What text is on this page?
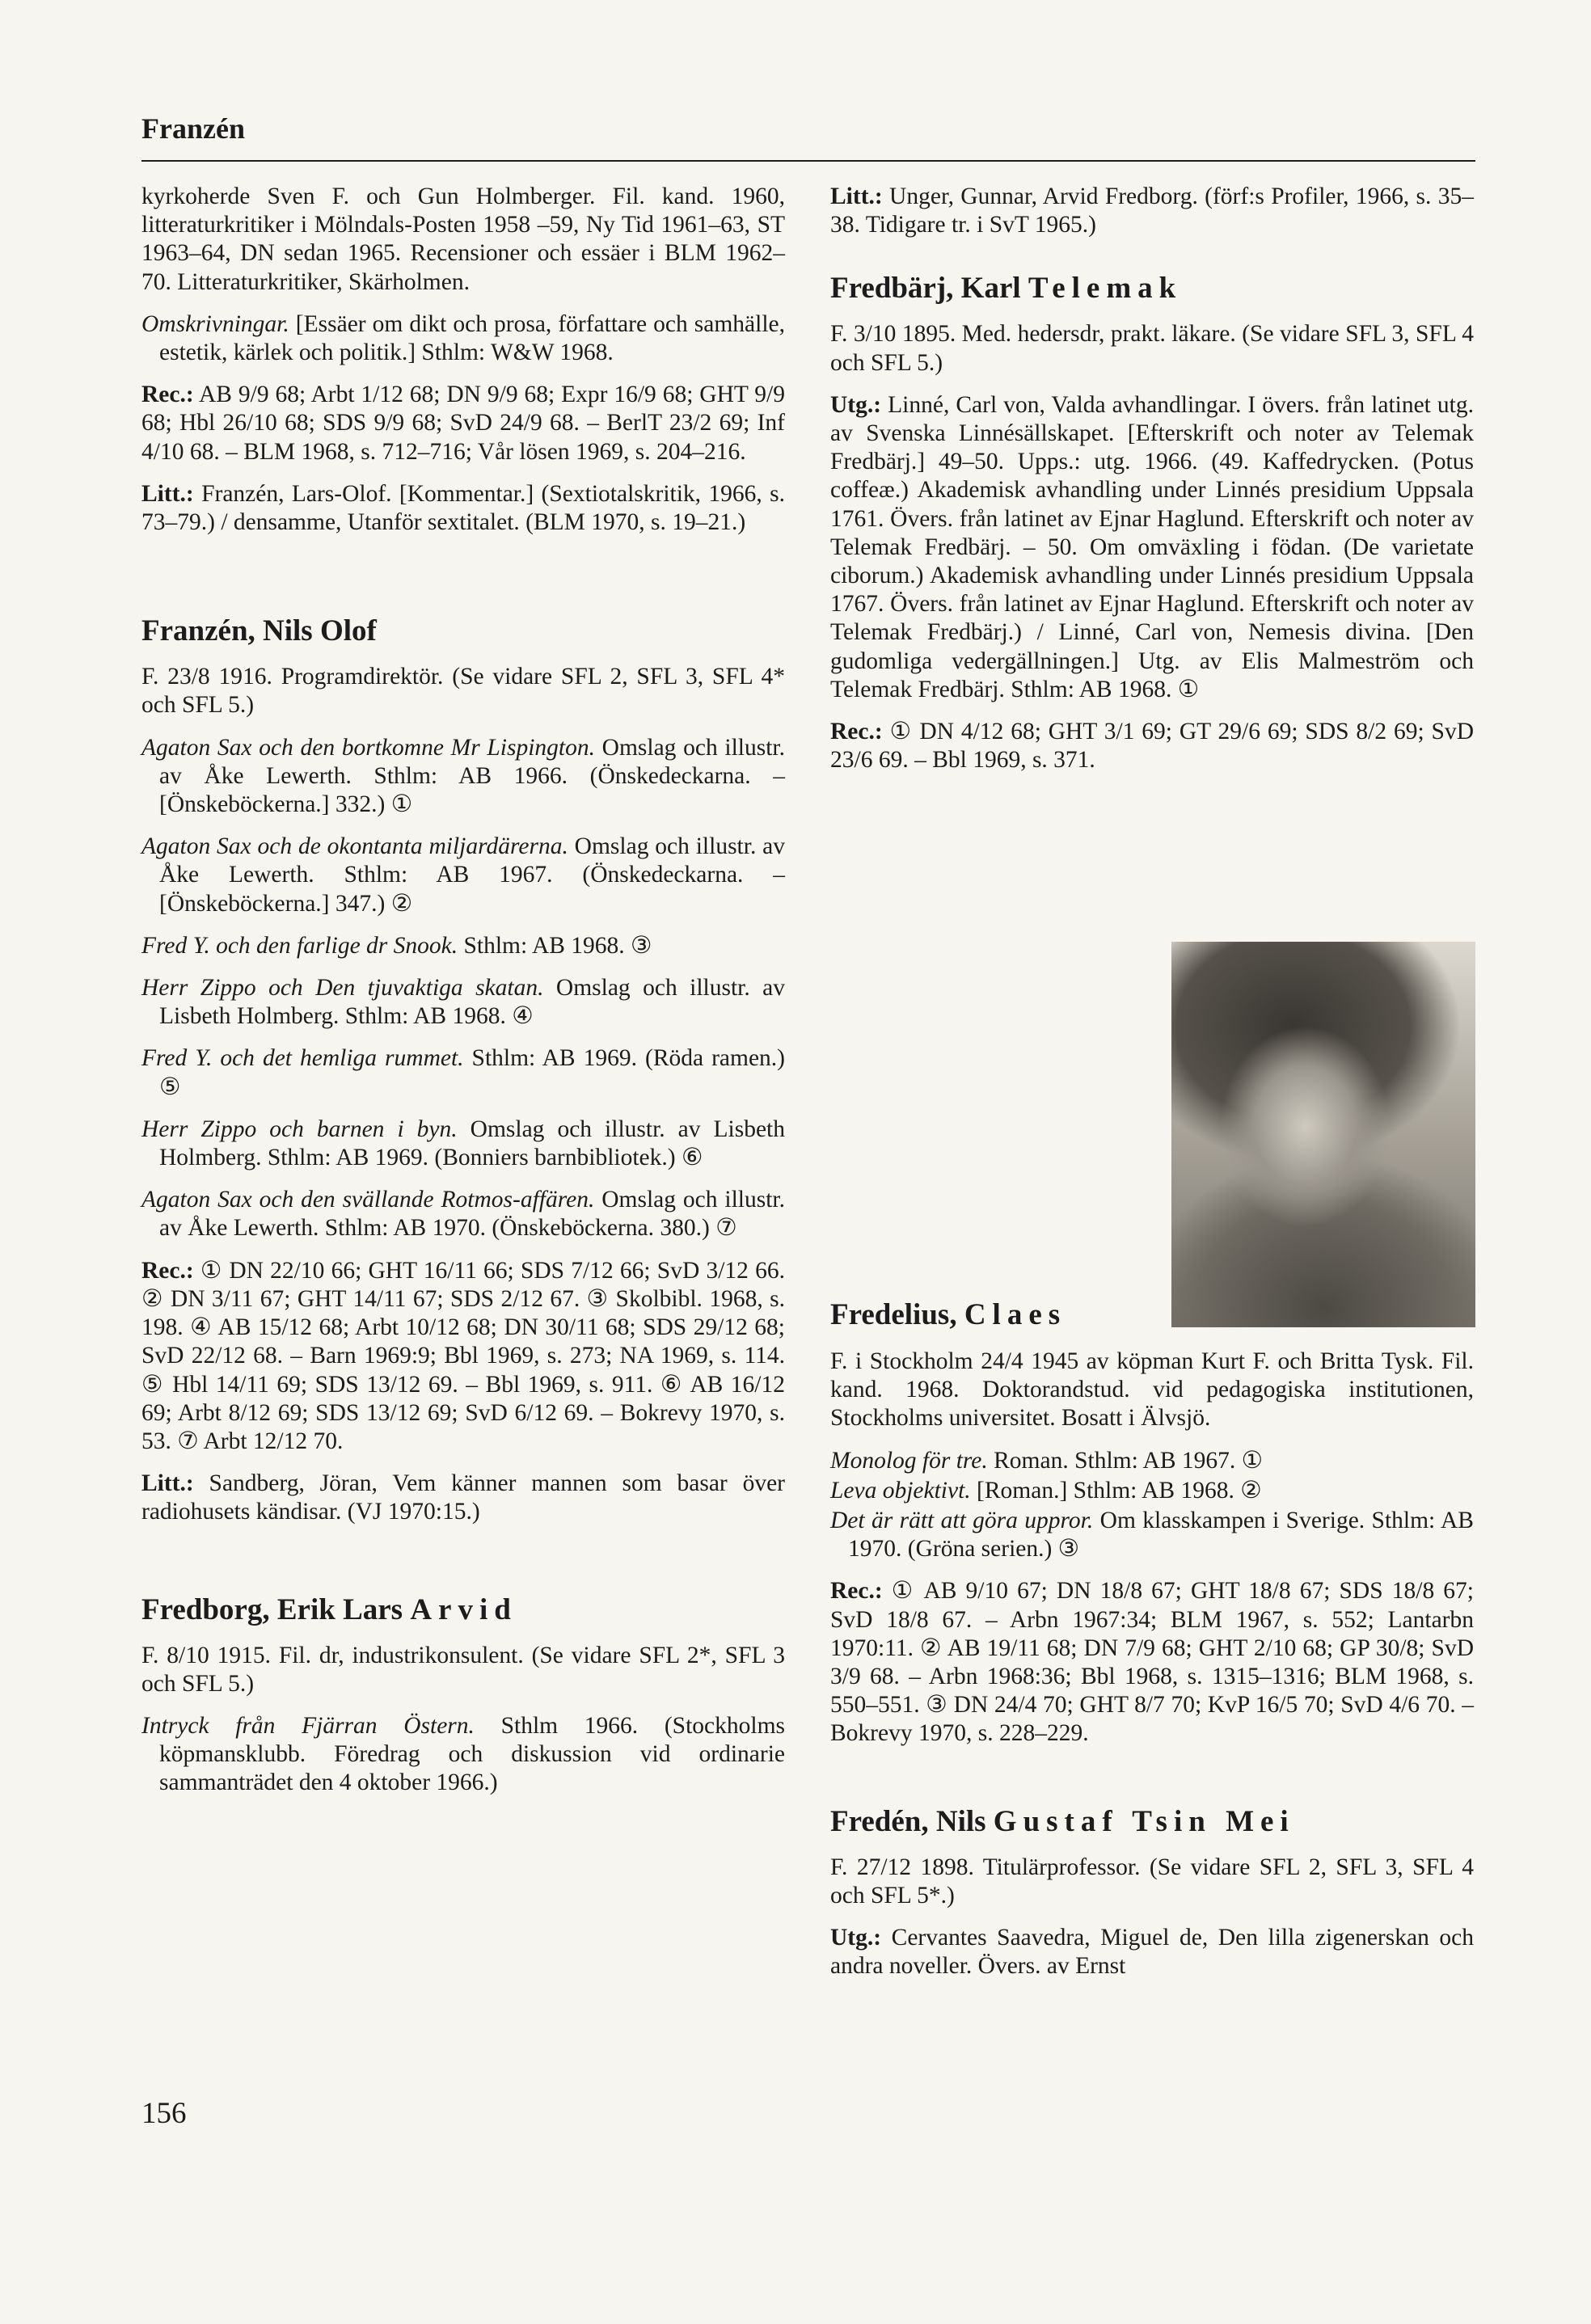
Franzén

kyrkoherde Sven F. och Gun Holmberger. Fil. kand. 1960, litteraturkritiker i Mölndals-Posten 1958 –59, Ny Tid 1961–63, ST 1963–64, DN sedan 1965. Recensioner och essäer i BLM 1962–70. Litteraturkritiker, Skärholmen.

Omskrivningar. [Essäer om dikt och prosa, författare och samhälle, estetik, kärlek och politik.] Sthlm: W&W 1968.

Rec.: AB 9/9 68; Arbt 1/12 68; DN 9/9 68; Expr 16/9 68; GHT 9/9 68; Hbl 26/10 68; SDS 9/9 68; SvD 24/9 68. – BerlT 23/2 69; Inf 4/10 68. – BLM 1968, s. 712–716; Vår lösen 1969, s. 204–216.

Litt.: Franzén, Lars-Olof. [Kommentar.] (Sextiotalskritik, 1966, s. 73–79.) / densamme, Utanför sextitalet. (BLM 1970, s. 19–21.)

Franzén, Nils Olof

F. 23/8 1916. Programdirektör. (Se vidare SFL 2, SFL 3, SFL 4* och SFL 5.)

Agaton Sax och den bortkomne Mr Lispington. Omslag och illustr. av Åke Lewerth. Sthlm: AB 1966. (Önskedeckarna. – [Önskeböckerna.] 332.) ①

Agaton Sax och de okontanta miljardärerna. Omslag och illustr. av Åke Lewerth. Sthlm: AB 1967. (Önskedeckarna. – [Önskeböckerna.] 347.) ②

Fred Y. och den farlige dr Snook. Sthlm: AB 1968. ③

Herr Zippo och Den tjuvaktiga skatan. Omslag och illustr. av Lisbeth Holmberg. Sthlm: AB 1968. ④

Fred Y. och det hemliga rummet. Sthlm: AB 1969. (Röda ramen.) ⑤

Herr Zippo och barnen i byn. Omslag och illustr. av Lisbeth Holmberg. Sthlm: AB 1969. (Bonniers barnbibliotek.) ⑥

Agaton Sax och den svällande Rotmos-affären. Omslag och illustr. av Åke Lewerth. Sthlm: AB 1970. (Önskeböckerna. 380.) ⑦

Rec.: ① DN 22/10 66; GHT 16/11 66; SDS 7/12 66; SvD 3/12 66. ② DN 3/11 67; GHT 14/11 67; SDS 2/12 67. ③ Skolbibl. 1968, s. 198. ④ AB 15/12 68; Arbt 10/12 68; DN 30/11 68; SDS 29/12 68; SvD 22/12 68. – Barn 1969:9; Bbl 1969, s. 273; NA 1969, s. 114. ⑤ Hbl 14/11 69; SDS 13/12 69. – Bbl 1969, s. 911. ⑥ AB 16/12 69; Arbt 8/12 69; SDS 13/12 69; SvD 6/12 69. – Bokrevy 1970, s. 53. ⑦ Arbt 12/12 70.

Litt.: Sandberg, Jöran, Vem känner mannen som basar över radiohusets kändisar. (VJ 1970:15.)

Fredborg, Erik Lars Arvid

F. 8/10 1915. Fil. dr, industrikonsulent. (Se vidare SFL 2*, SFL 3 och SFL 5.)

Intryck från Fjärran Östern. Sthlm 1966. (Stockholms köpmansklubb. Föredrag och diskussion vid ordinarie sammanträdet den 4 oktober 1966.)

Litt.: Unger, Gunnar, Arvid Fredborg. (förf:s Profiler, 1966, s. 35–38. Tidigare tr. i SvT 1965.)

Fredbärj, Karl Telemak

F. 3/10 1895. Med. hedersdr, prakt. läkare. (Se vidare SFL 3, SFL 4 och SFL 5.)

Utg.: Linné, Carl von, Valda avhandlingar. I övers. från latinet utg. av Svenska Linnésällskapet. [Efterskrift och noter av Telemak Fredbärj.] 49–50. Upps.: utg. 1966. (49. Kaffedrycken. (Potus coffeæ.) Akademisk avhandling under Linnés presidium Uppsala 1761. Övers. från latinet av Ejnar Haglund. Efterskrift och noter av Telemak Fredbärj. – 50. Om omväxling i födan. (De varietate ciborum.) Akademisk avhandling under Linnés presidium Uppsala 1767. Övers. från latinet av Ejnar Haglund. Efterskrift och noter av Telemak Fredbärj.) / Linné, Carl von, Nemesis divina. [Den gudomliga vedergällningen.] Utg. av Elis Malmeström och Telemak Fredbärj. Sthlm: AB 1968. ①

Rec.: ① DN 4/12 68; GHT 3/1 69; GT 29/6 69; SDS 8/2 69; SvD 23/6 69. – Bbl 1969, s. 371.

Fredelius, Claes

F. i Stockholm 24/4 1945 av köpman Kurt F. och Britta Tysk. Fil. kand. 1968. Doktorandstud. vid pedagogiska institutionen, Stockholms universitet. Bosatt i Älvsjö.

Monolog för tre. Roman. Sthlm: AB 1967. ①

Leva objektivt. [Roman.] Sthlm: AB 1968. ②

Det är rätt att göra uppror. Om klasskampen i Sverige. Sthlm: AB 1970. (Gröna serien.) ③

Rec.: ① AB 9/10 67; DN 18/8 67; GHT 18/8 67; SDS 18/8 67; SvD 18/8 67. – Arbn 1967:34; BLM 1967, s. 552; Lantarbn 1970:11. ② AB 19/11 68; DN 7/9 68; GHT 2/10 68; GP 30/8; SvD 3/9 68. – Arbn 1968:36; Bbl 1968, s. 1315–1316; BLM 1968, s. 550–551. ③ DN 24/4 70; GHT 8/7 70; KvP 16/5 70; SvD 4/6 70. – Bokrevy 1970, s. 228–229.

Fredén, Nils Gustaf Tsin Mei

F. 27/12 1898. Titulärprofessor. (Se vidare SFL 2, SFL 3, SFL 4 och SFL 5*.)

Utg.: Cervantes Saavedra, Miguel de, Den lilla zigenerskan och andra noveller. Övers. av Ernst

156
